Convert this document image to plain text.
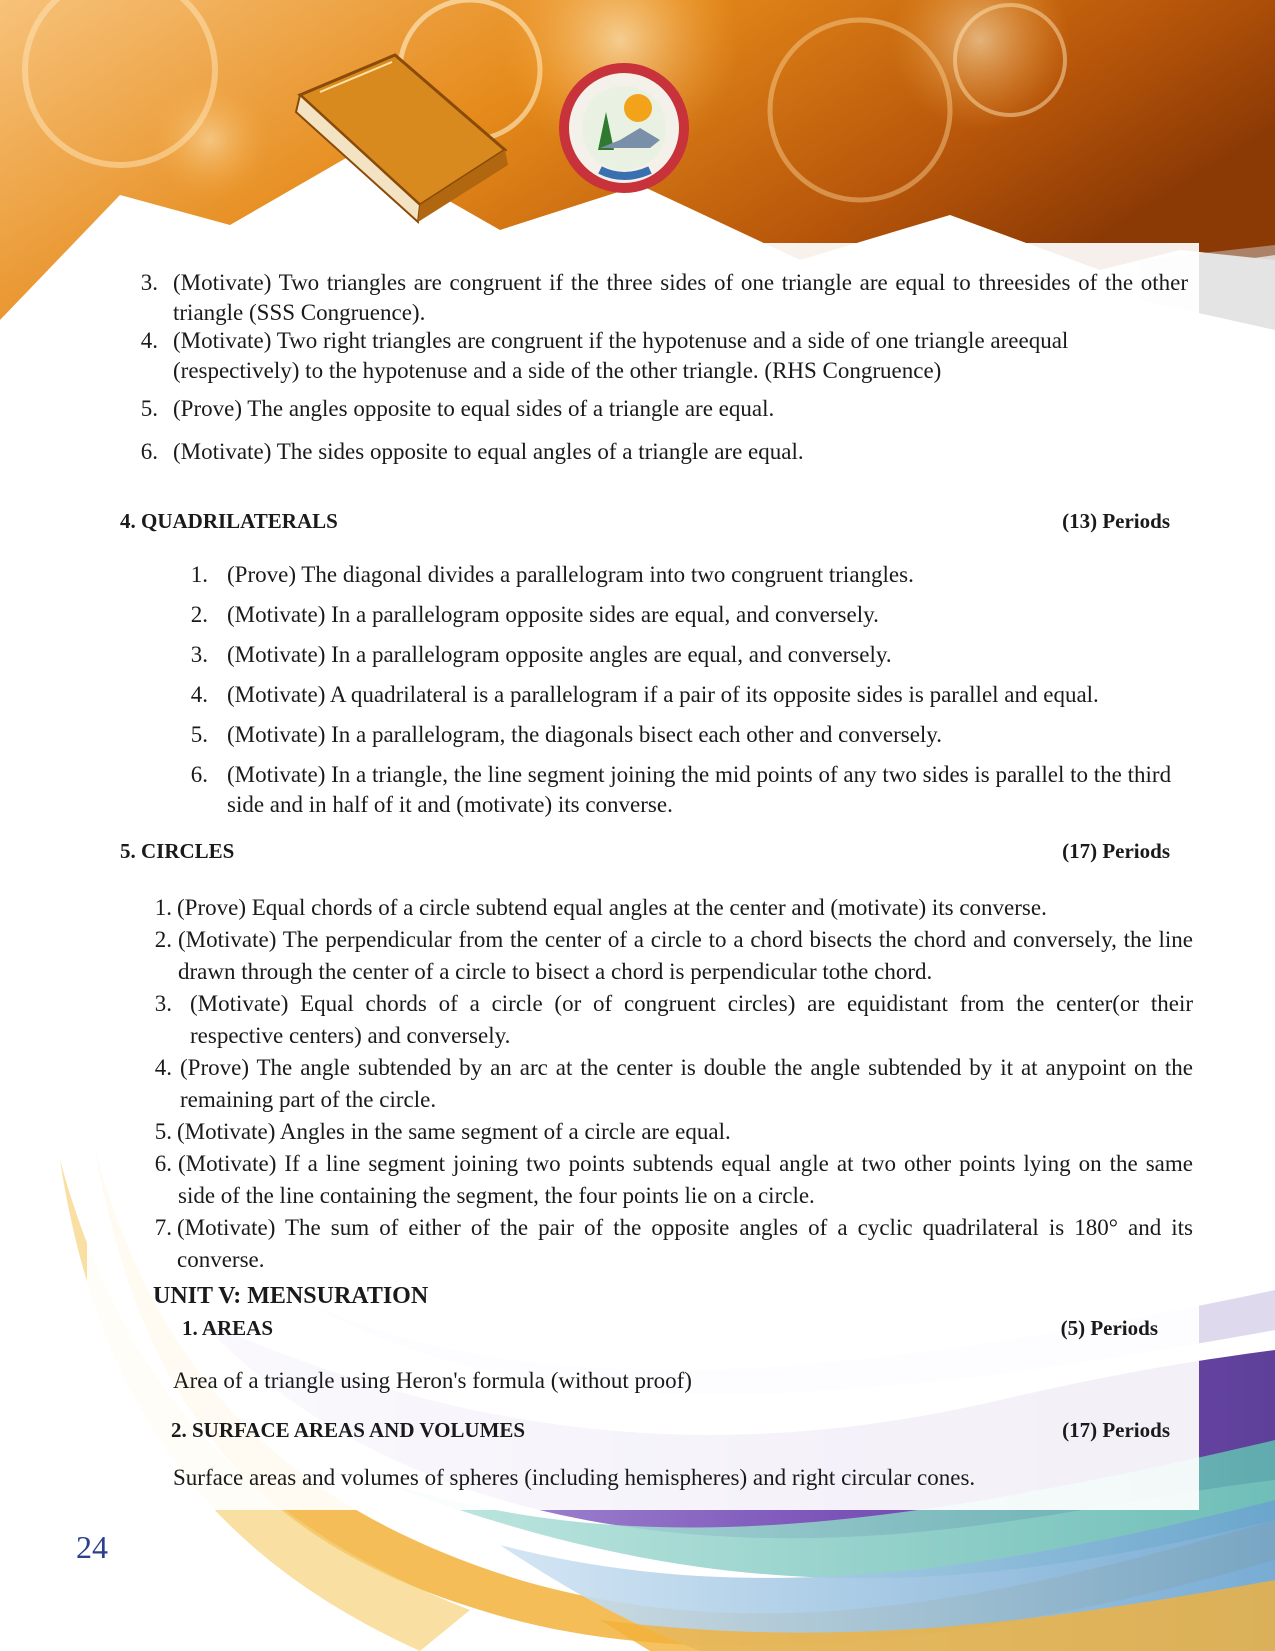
3. (Motivate) Two triangles are congruent if the three sides of one triangle are equal to threesides of the other triangle (SSS Congruence).
4. (Motivate) Two right triangles are congruent if the hypotenuse and a side of one triangle areequal (respectively) to the hypotenuse and a side of the other triangle. (RHS Congruence)
5. (Prove) The angles opposite to equal sides of a triangle are equal.
6. (Motivate) The sides opposite to equal angles of a triangle are equal.
4. QUADRILATERALS	(13) Periods
1. (Prove) The diagonal divides a parallelogram into two congruent triangles.
2. (Motivate) In a parallelogram opposite sides are equal, and conversely.
3. (Motivate) In a parallelogram opposite angles are equal, and conversely.
4. (Motivate) A quadrilateral is a parallelogram if a pair of its opposite sides is parallel and equal.
5. (Motivate) In a parallelogram, the diagonals bisect each other and conversely.
6. (Motivate) In a triangle, the line segment joining the mid points of any two sides is parallel to the third side and in half of it and (motivate) its converse.
5. CIRCLES	(17) Periods
1. (Prove) Equal chords of a circle subtend equal angles at the center and (motivate) its converse.
2. (Motivate) The perpendicular from the center of a circle to a chord bisects the chord and conversely, the line drawn through the center of a circle to bisect a chord is perpendicular tothe chord.
3. (Motivate) Equal chords of a circle (or of congruent circles) are equidistant from the center(or their respective centers) and conversely.
4. (Prove) The angle subtended by an arc at the center is double the angle subtended by it at anypoint on the remaining part of the circle.
5. (Motivate) Angles in the same segment of a circle are equal.
6. (Motivate) If a line segment joining two points subtends equal angle at two other points lying on the same side of the line containing the segment, the four points lie on a circle.
7. (Motivate) The sum of either of the pair of the opposite angles of a cyclic quadrilateral is 180° and its converse.
UNIT V: MENSURATION
1. AREAS	(5) Periods
Area of a triangle using Heron's formula (without proof)
2. SURFACE AREAS AND VOLUMES	(17) Periods
Surface areas and volumes of spheres (including hemispheres) and right circular cones.
24
